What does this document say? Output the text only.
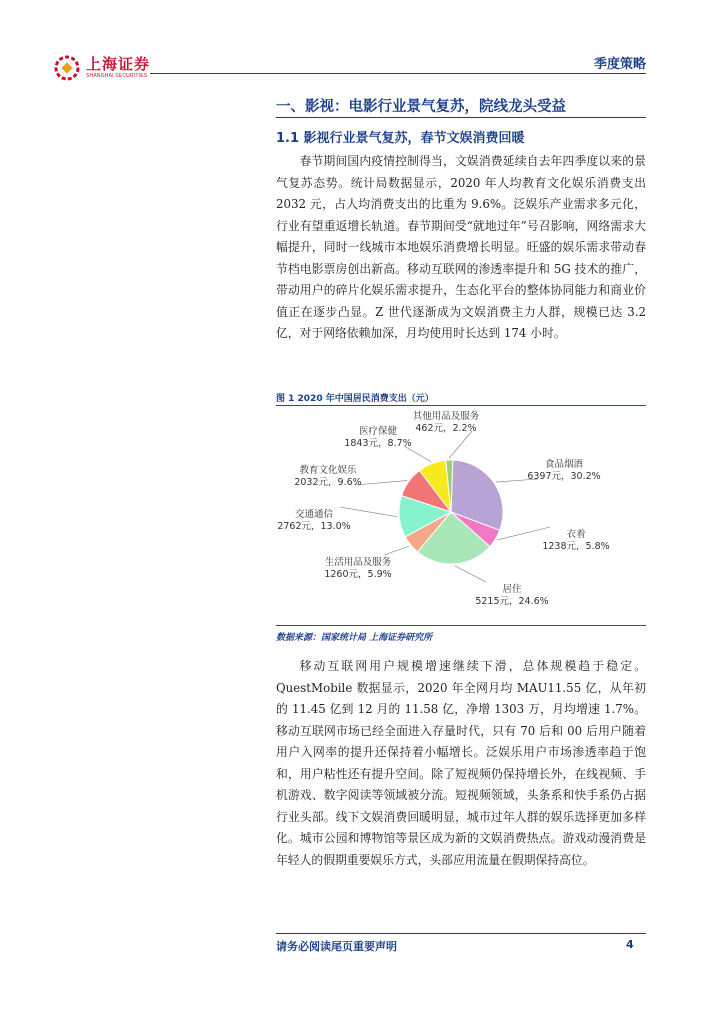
上海证券
SHANGHAI SECURITIES
季度策略
一、影视：电影行业景气复苏，院线龙头受益
1.1 影视行业景气复苏，春节文娱消费回暖

春节期间国内疫情控制得当，文娱消费延续自去年四季度以来的景气复苏态势。统计局数据显示，2020 年人均教育文化娱乐消费支出 2032 元，占人均消费支出的比重为 9.6%。泛娱乐产业需求多元化，行业有望重返增长轨道。春节期间受“就地过年”号召影响，网络需求大幅提升，同时一线城市本地娱乐消费增长明显。旺盛的娱乐需求带动春节档电影票房创出新高。移动互联网的渗透率提升和 5G 技术的推广，带动用户的碎片化娱乐需求提升，生态化平台的整体协同能力和商业价值正在逐步凸显。Z 世代逐渐成为文娱消费主力人群，规模已达 3.2 亿，对于网络依赖加深，月均使用时长达到 174 小时。

图 1 2020 年中国居民消费支出（元）
食品烟酒
6397元，30.2%
衣着
1238元，5.8%
居住
5215元，24.6%
生活用品及服务
1260元，5.9%
交通通信
2762元，13.0%
教育文化娱乐
2032元，9.6%
医疗保健
1843元，8.7%
其他用品及服务
462元，2.2%
数据来源：国家统计局 上海证券研究所

移动互联网用户规模增速继续下滑，总体规模趋于稳定。QuestMobile 数据显示，2020 年全网月均 MAU11.55 亿，从年初的 11.45 亿到 12 月的 11.58 亿，净增 1303 万，月均增速 1.7%。移动互联网市场已经全面进入存量时代，只有 70 后和 00 后用户随着用户入网率的提升还保持着小幅增长。泛娱乐用户市场渗透率趋于饱和，用户粘性还有提升空间。除了短视频仍保持增长外，在线视频、手机游戏、数字阅读等领域被分流。短视频领域，头条系和快手系仍占据行业头部。线下文娱消费回暖明显，城市过年人群的娱乐选择更加多样化。城市公园和博物馆等景区成为新的文娱消费热点。游戏动漫消费是年轻人的假期重要娱乐方式，头部应用流量在假期保持高位。

请务必阅读尾页重要声明	4
